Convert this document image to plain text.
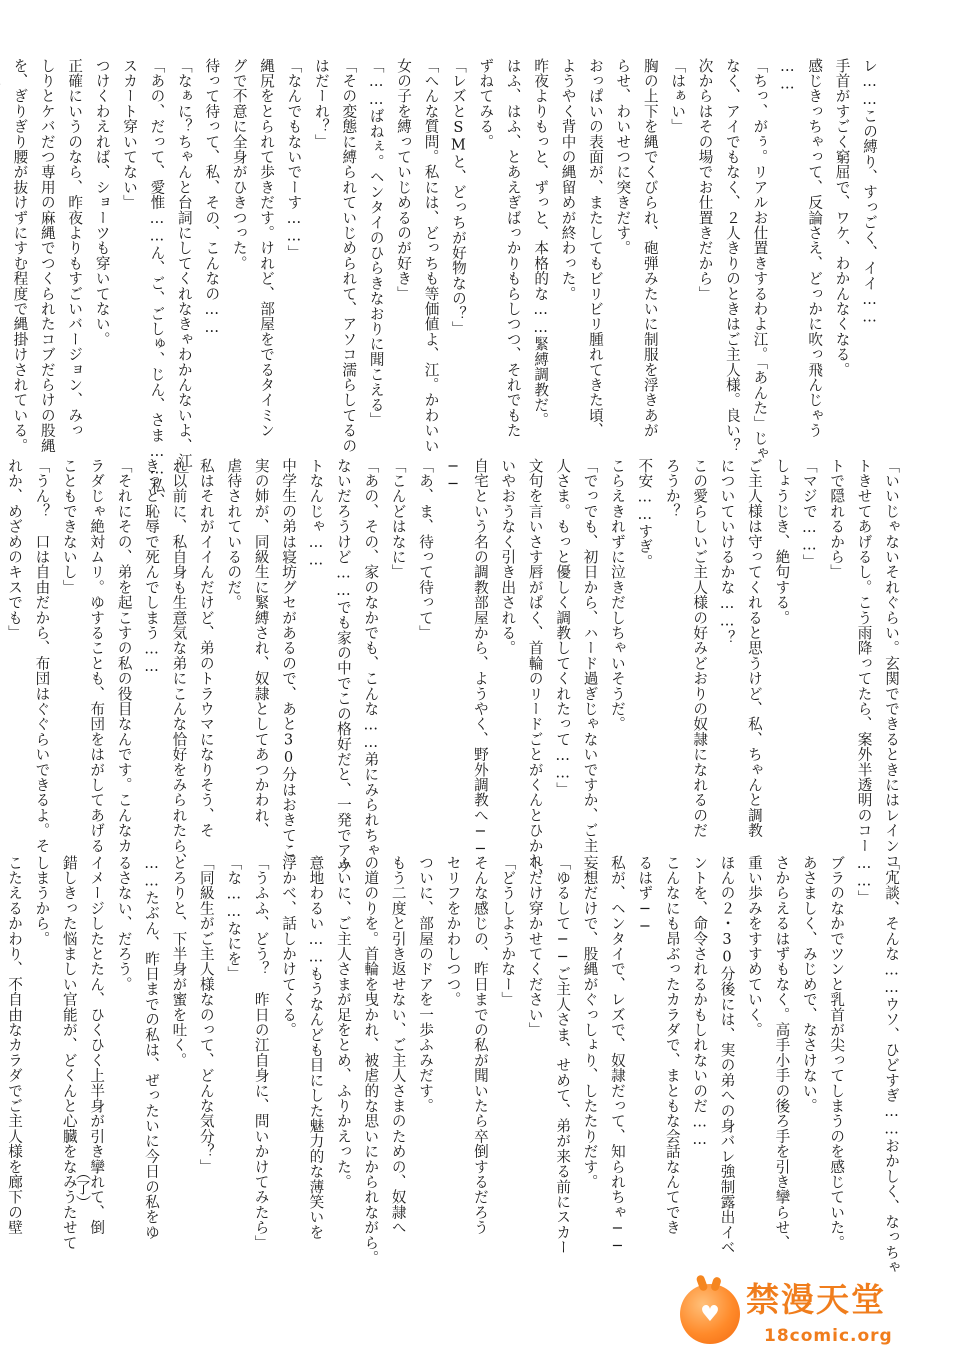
レ……この縛り、すっごく、イイ……
手首がすごく窮屈で、ワケ、わかんなくなる。
感じきっちゃって、反論さえ、どっかに吹っ飛んじゃう
……
「ちっ、がぅ。リアルお仕置きするわよ江。「あんた」じゃ
なく、アイでもなく、２人きりのときはご主人様。良い？
次からはその場でお仕置きだから」
「はぁい」
胸の上下を縄でくびられ、砲弾みたいに制服を浮きあが
らせ、わいせつに突きだす。
おっぱいの表面が、またしてもビリビリ腫れてきた頃、
ようやく背中の縄留めが終わった。
昨夜よりもっと、ずっと、本格的な……緊縛調教だ。
はふ、はふ、とあえぎばっかりもらしつつ、それでもた
ずねてみる。
「レズとSMと、どっちが好物なの？」
「へんな質問。私には、どっちも等価値よ、江。かわいい
女の子を縛っていじめるのが好き」
「……ばねぇ。ヘンタイのひらきなおりに聞こえる」
「その変態に縛られていじめられて、アソコ濡らしてるの
はだーれ？」
「なんでもないでーす……」
縄尻をとられて歩きだす。けれど、部屋をでるタイミン
グで不意に全身がひきつった。
待って待って、私、その、こんなの……
「なぁに？ちゃんと台詞にしてくれなきゃわかんないよ、江」
「あの、だって、愛惟……ん、ご、ごしゅ、じん、さま……私、
スカート穿いてない」
つけくわえれば、ショーツも穿いてない。
正確にいうのなら、昨夜よりもすごいバージョン、みっ
しりとケバだつ専用の麻縄でつくられたコブだらけの股縄
を、ぎりぎり腰が抜けずにすむ程度で縄掛けされている。
「いいじゃないそれぐらい。玄関でできるときにはレインコー
トきせてあげるし。こう雨降ってたら、案外半透明のコー
トで隠れるから」
「マジで……」
しょうじき、絶句する。
ご主人様は守ってくれると思うけど、私、ちゃんと調教
についていけるかな……？
この愛らしいご主人様の好みどおりの奴隷になれるのだ
ろうか？
不安……すぎ。
こらえきれずに泣きだしちゃいそうだ。
「でっでも、初日から、ハード過ぎじゃないですか、ご主
人さま。もっと優しく調教してくれたって……」
文句を言いさす唇がぱく、首輪のリードごとがくんとひかれ、
いやおうなく引き出される。
自宅という名の調教部屋から、ようやく、野外調教へ──
──
「あ、ま、待って待って」
「こんどはなに」
「あの、その、家のなかでも、こんな……弟にみられちゃ
ないだろうけど……でも家の中でこの格好だと、一発でアウ
トなんじゃ……
中学生の弟は寝坊グセがあるので、あと30分はおきてこ
実の姉が、同級生に緊縛され、奴隷としてあつかわれ、
虐待されているのだ。
私はそれがイイんだけど、弟のトラウマになりそう、そ
れ以前に、私自身も生意気な弟にこんな恰好をみられたら、
きっと恥辱で死んでしまう……
「それにその、弟を起こすの私の役目なんです。こんなカ
ラダじゃ絶対ムリ。ゆすることも、布団をはがしてあげる
こともできないし」
「うん？　口は自由だから、布団はぐぐらいできるよ。そ
れか、めざめのキスでも」
「冗談、そんな……ウソ、ひどすぎ……おかしく、なっちゃ
……」
ブラのなかでツンと乳首が尖ってしまうのを感じていた。
あさましく、みじめで、なさけない。
さからえるはずもなく。高手小手の後ろ手を引き攣らせ、
重い歩みをすすめていく。
ほんの２・30分後には、実の弟への身バレ強制露出イベ
ントを、命令されるかもしれないのだ……
こんなにも昂ぶったカラダで、まともな会話なんてでき
るはず──
私が、ヘンタイで、レズで、奴隷だって、知られちゃ──
妄想だけで、股縄がぐっしょり、したたりだす。
「ゆるして──ご主人さま、せめて、弟が来る前にスカー
トだけ穿かせてください」
「どうしようかなー」
そんな感じの、昨日までの私が聞いたら卒倒するだろう
セリフをかわしつつ。
ついに、部屋のドアを一歩ふみだす。
もう二度と引き返せない、ご主人さまのための、奴隷へ
の道のりを。首輪を曳かれ、被虐的な思いにかられながら。
ふいに、ご主人さまが足をとめ、ふりかえった。
意地わるい……もうなんども目にした魅力的な薄笑いを
浮かべ、話しかけてくる。
「うふふ、どう？　昨日の江自身に、問いかけてみたら」
「な……なにを」
「同級生がご主人様なのって、どんな気分？」
とろりと、下半身が蜜を吐く。
……たぶん、昨日までの私は、ぜったいに今日の私をゆ
るさない、だろう。
イメージしたとたん、ひくひく上半身が引き攣れて、倒
錯しきった悩ましい官能が、どくんと心臓をなみうたせて
しまうから。
こたえるかわり、不自由なカラダでご主人様を廊下の壁	（了）
♥ 禁漫天堂
18comic.org
